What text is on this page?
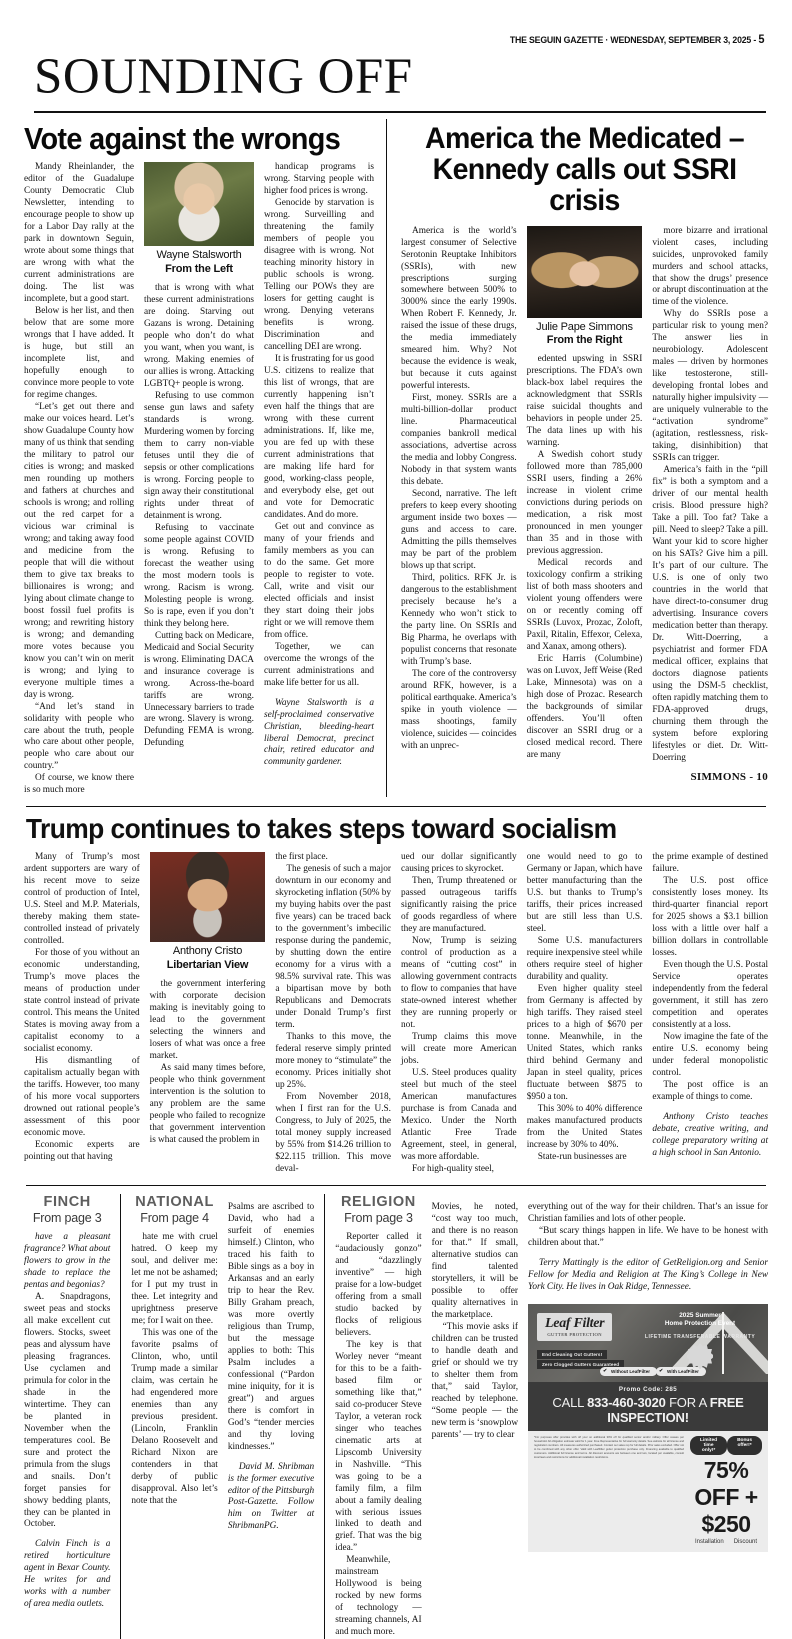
THE SEGUIN GAZETTE · WEDNESDAY, SEPTEMBER 3, 2025 - 5
SOUNDING OFF
Vote against the wrongs

Mandy Rheinlander, the editor of the Guadalupe County Democratic Club Newsletter, intending to encourage people to show up for a Labor Day rally at the park in downtown Seguin, wrote about some things that are wrong with what the current administrations are doing. The list was incomplete, but a good start.

Below is her list, and then below that are some more wrongs that I have added. It is huge, but still an incomplete list, and hopefully enough to convince more people to vote for regime changes.

“Let’s get out there and make our voices heard. Let’s show Guadalupe County how many of us think that sending the military to patrol our cities is wrong; and masked men rounding up mothers and fathers at churches and schools is wrong; and rolling out the red carpet for a vicious war criminal is wrong; and taking away food and medicine from the people that will die without them to give tax breaks to billionaires is wrong; and lying about climate change to boost fossil fuel profits is wrong; and rewriting history is wrong; and demanding more votes because you know you can’t win on merit is wrong; and lying to everyone multiple times a day is wrong.

“And let’s stand in solidarity with people who care about the truth, people who care about other people, people who care about our country.”

Of course, we know there is so much more

Wayne Stalsworth
From the Left

that is wrong with what these current administrations are doing. Starving out Gazans is wrong. Detaining people who don’t do what you want, when you want, is wrong. Making enemies of our allies is wrong. Attacking LGBTQ+ people is wrong.

Refusing to use common sense gun laws and safety standards is wrong. Murdering women by forcing them to carry non-viable fetuses until they die of sepsis or other complications is wrong. Forcing people to sign away their constitutional rights under threat of detainment is wrong.

Refusing to vaccinate some people against COVID is wrong. Refusing to forecast the weather using the most modern tools is wrong. Racism is wrong. Molesting people is wrong. So is rape, even if you don’t think they belong here.

Cutting back on Medicare, Medicaid and Social Security is wrong. Eliminating DACA and insurance coverage is wrong. Across-the-board tariffs are wrong. Unnecessary barriers to trade are wrong. Slavery is wrong. Defunding FEMA is wrong. Defunding

handicap programs is wrong. Starving people with higher food prices is wrong.

Genocide by starvation is wrong. Surveilling and threatening the family members of people you disagree with is wrong. Not teaching minority history in public schools is wrong. Telling our POWs they are losers for getting caught is wrong. Denying veterans benefits is wrong. Discrimination and cancelling DEI are wrong.

It is frustrating for us good U.S. citizens to realize that this list of wrongs, that are currently happening isn’t even half the things that are wrong with these current administrations. If, like me, you are fed up with these current administrations that are making life hard for good, working-class people, and everybody else, get out and vote for Democratic candidates. And do more.

Get out and convince as many of your friends and family members as you can to do the same. Get more people to register to vote. Call, write and visit our elected officials and insist they start doing their jobs right or we will remove them from office.

Together, we can overcome the wrongs of the current administrations and make life better for us all.

Wayne Stalsworth is a self-proclaimed conservative Christian, bleeding-heart liberal Democrat, precinct chair, retired educator and community gardener.

America the Medicated –
Kennedy calls out SSRI crisis

America is the world’s largest consumer of Selective Serotonin Reuptake Inhibitors (SSRIs), with new prescriptions surging somewhere between 500% to 3000% since the early 1990s. When Robert F. Kennedy, Jr. raised the issue of these drugs, the media immediately smeared him. Why? Not because the evidence is weak, but because it cuts against powerful interests.

First, money. SSRIs are a multi-billion-dollar product line. Pharmaceutical companies bankroll medical associations, advertise across the media and lobby Congress. Nobody in that system wants this debate.

Second, narrative. The left prefers to keep every shooting argument inside two boxes — guns and access to care. Admitting the pills themselves may be part of the problem blows up that script.

Third, politics. RFK Jr. is dangerous to the establishment precisely because he’s a Kennedy who won’t stick to the party line. On SSRIs and Big Pharma, he overlaps with populist concerns that resonate with Trump’s base.

The core of the controversy around RFK, however, is a political earthquake. America’s spike in youth violence — mass shootings, family violence, suicides — coincides with an unprec-

Julie Pape Simmons
From the Right

edented upswing in SSRI prescriptions. The FDA’s own black-box label requires the acknowledgment that SSRIs raise suicidal thoughts and behaviors in people under 25. The data lines up with his warning.

A Swedish cohort study followed more than 785,000 SSRI users, finding a 26% increase in violent crime convictions during periods on medication, a risk most pronounced in men younger than 35 and in those with previous aggression.

Medical records and toxicology confirm a striking list of both mass shooters and violent young offenders were on or recently coming off SSRIs (Luvox, Prozac, Zoloft, Paxil, Ritalin, Effexor, Celexa, and Xanax, among others).

Eric Harris (Columbine) was on Luvox, Jeff Weise (Red Lake, Minnesota) was on a high dose of Prozac. Research the backgrounds of similar offenders. You’ll often discover an SSRI drug or a closed medical record. There are many

more bizarre and irrational violent cases, including suicides, unprovoked family murders and school attacks, that show the drugs’ presence or abrupt discontinuation at the time of the violence.

Why do SSRIs pose a particular risk to young men? The answer lies in neurobiology. Adolescent males — driven by hormones like testosterone, still-developing frontal lobes and naturally higher impulsivity — are uniquely vulnerable to the “activation syndrome” (agitation, restlessness, risk-taking, disinhibition) that SSRIs can trigger.

America’s faith in the “pill fix” is both a symptom and a driver of our mental health crisis. Blood pressure high? Take a pill. Too fat? Take a pill. Need to sleep? Take a pill. Want your kid to score higher on his SATs? Give him a pill. It’s part of our culture. The U.S. is one of only two countries in the world that have direct-to-consumer drug advertising. Insurance covers medication better than therapy. Dr. Witt-Doerring, a psychiatrist and former FDA medical officer, explains that doctors diagnose patients using the DSM-5 checklist, often rapidly matching them to FDA-approved drugs, churning them through the system before exploring lifestyles or diet. Dr. Witt-Doerring

SIMMONS - 10
Trump continues to takes steps toward socialism

Many of Trump’s most ardent supporters are wary of his recent move to seize control of production of Intel, U.S. Steel and M.P. Materials, thereby making them state-controlled instead of privately controlled.

For those of you without an economic understanding, Trump’s move places the means of production under state control instead of private control. This means the United States is moving away from a capitalist economy to a socialist economy.

His dismantling of capitalism actually began with the tariffs. However, too many of his more vocal supporters drowned out rational people’s assessment of this poor economic move.

Economic experts are pointing out that having

Anthony Cristo
Libertarian View

the government interfering with corporate decision making is inevitably going to lead to the government selecting the winners and losers of what was once a free market.

As said many times before, people who think government intervention is the solution to any problem are the same people who failed to recognize that government intervention is what caused the problem in

the first place.

The genesis of such a major downturn in our economy and skyrocketing inflation (50% by my buying habits over the past five years) can be traced back to the government’s imbecilic response during the pandemic, by shutting down the entire economy for a virus with a 98.5% survival rate. This was a bipartisan move by both Republicans and Democrats under Donald Trump’s first term.

Thanks to this move, the federal reserve simply printed more money to “stimulate” the economy. Prices initially shot up 25%.

From November 2018, when I first ran for the U.S. Congress, to July of 2025, the total money supply increased by 55% from $14.26 trillion to $22.115 trillion. This move deval-

ued our dollar significantly causing prices to skyrocket.

Then, Trump threatened or passed outrageous tariffs significantly raising the price of goods regardless of where they are manufactured.

Now, Trump is seizing control of production as a means of “cutting cost” in allowing government contracts to flow to companies that have state-owned interest whether they are running properly or not.

Trump claims this move will create more American jobs.

U.S. Steel produces quality steel but much of the steel American manufactures purchase is from Canada and Mexico. Under the North Atlantic Free Trade Agreement, steel, in general, was more affordable.

For high-quality steel,

one would need to go to Germany or Japan, which have better manufacturing than the U.S. but thanks to Trump’s tariffs, their prices increased but are still less than U.S. steel.

Some U.S. manufacturers require inexpensive steel while others require steel of higher durability and quality.

Even higher quality steel from Germany is affected by high tariffs. They raised steel prices to a high of $670 per tonne. Meanwhile, in the United States, which ranks third behind Germany and Japan in steel quality, prices fluctuate between $875 to $950 a ton.

This 30% to 40% difference makes manufactured products from the United States increase by 30% to 40%.

State-run businesses are

the prime example of destined failure.

The U.S. post office consistently loses money. Its third-quarter financial report for 2025 shows a $3.1 billion loss with a little over half a billion dollars in controllable losses.

Even though the U.S. Postal Service operates independently from the federal government, it still has zero competition and operates consistently at a loss.

Now imagine the fate of the entire U.S. economy being under federal monopolistic control.

The post office is an example of things to come.

Anthony Cristo teaches debate, creative writing, and college preparatory writing at a high school in San Antonio.

FINCH
From page 3

have a pleasant fragrance? What about flowers to grow in the shade to replace the pentas and begonias?

A. Snapdragons, sweet peas and stocks all make excellent cut flowers. Stocks, sweet peas and alyssum have pleasing fragrances. Use cyclamen and primula for color in the shade in the wintertime. They can be planted in November when the temperatures cool. Be sure and protect the primula from the slugs and snails. Don’t forget pansies for showy bedding plants, they can be planted in October.

Calvin Finch is a retired horticulture agent in Bexar County. He writes for and works with a number of area media outlets.

NATIONAL
From page 4

hate me with cruel hatred. O keep my soul, and deliver me: let me not be ashamed; for I put my trust in thee. Let integrity and uprightness preserve me; for I wait on thee.

This was one of the favorite psalms of Clinton, who, until Trump made a similar claim, was certain he had engendered more enemies than any previous president. (Lincoln, Franklin Delano Roosevelt and Richard Nixon are contenders in that derby of public disapproval. Also let’s note that the

Psalms are ascribed to David, who had a surfeit of enemies himself.) Clinton, who traced his faith to Bible sings as a boy in Arkansas and an early trip to hear the Rev. Billy Graham preach, was more overtly religious than Trump, but the message applies to both: This Psalm includes a confessional (“Pardon mine iniquity, for it is great”) and argues there is comfort in God’s “tender mercies and thy loving kindnesses.”

David M. Shribman is the former executive editor of the Pittsburgh Post-Gazette. Follow him on Twitter at ShribmanPG.

RELIGION
From page 3

Reporter called it “audaciously gonzo” and “dazzlingly inventive” — high praise for a low-budget offering from a small studio backed by flocks of religious believers.

The key is that Worley never “meant for this to be a faith-based film or something like that,” said co-producer Steve Taylor, a veteran rock singer who teaches cinematic arts at Lipscomb University in Nashville. “This was going to be a family film, a film about a family dealing with serious issues linked to death and grief. That was the big idea.”

Meanwhile, mainstream Hollywood is being rocked by new forms of technology — streaming channels, AI and much more.

Movies, he noted, “cost way too much, and there is no reason for that.” If small, alternative studios can find talented storytellers, it will be possible to offer quality alternatives in the marketplace.

“This movie asks if children can be trusted to handle death and grief or should we try to shelter them from that,” said Taylor, reached by telephone. “Some people — the new term is ‘snowplow parents’ — try to clear

everything out of the way for their children. That’s an issue for Christian families and lots of other people.

“But scary things happen in life. We have to be honest with children about that.”

Terry Mattingly is the editor of GetReligion.org and Senior Fellow for Media and Religion at The King’s College in New York City. He lives in Oak Ridge, Tennessee.

Leaf Filter
GUTTER PROTECTION
End Cleaning Out Gutters!
Zero Clogged Gutters Guaranteed
✔ Without LeafFilter	✔ With LeafFilter
2025 Summer
Home Protection Event
LIFETIME TRANSFERABLE WARRANTY
Promo Code: 285
CALL 833-460-3020 FOR A FREE INSPECTION!
*For purposes offer provides with off your on additional 30% off for qualified senior and/or military. Offer ceases per household. All obligation estimate valid for 1 year. Free Representative for full warranty details. See website for all license and registration numbers. All measures authorized purchased. Contact our sales rep for full details. Prior sales excluded. Offer not to be combined with any other offer. Valid with LeafFilter gutter protection purchase only. Financing available to qualified customers. Additional full license and terms. All discount amounts are between one and two, located per available, consult local laws and restrictions for additional installation restrictions.
Limited time only!*
Bonus offer!*
75% OFF + $250
Installation Discount
